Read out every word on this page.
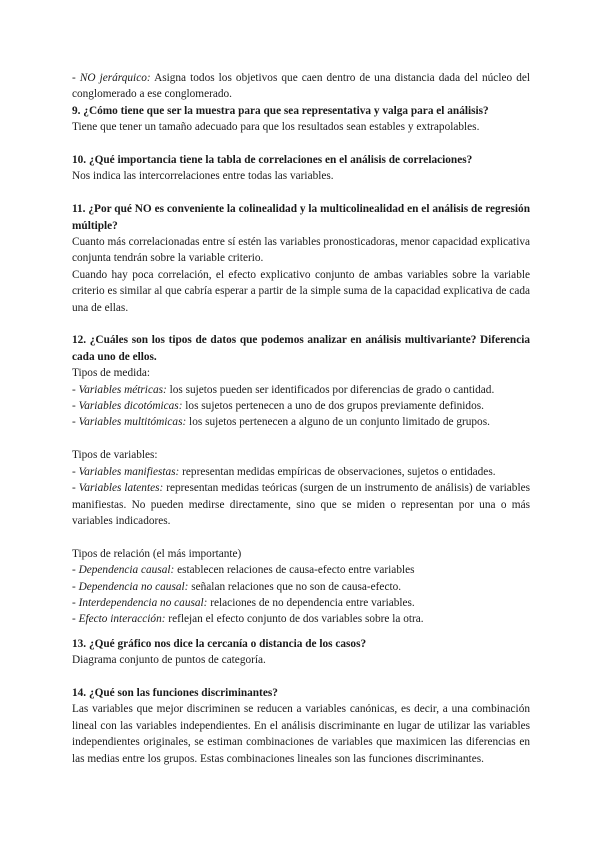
- NO jerárquico: Asigna todos los objetivos que caen dentro de una distancia dada del núcleo del conglomerado a ese conglomerado.

9. ¿Cómo tiene que ser la muestra para que sea representativa y valga para el análisis?

Tiene que tener un tamaño adecuado para que los resultados sean estables y extrapolables.

10. ¿Qué importancia tiene la tabla de correlaciones en el análisis de correlaciones?

Nos indica las intercorrelaciones entre todas las variables.

11. ¿Por qué NO es conveniente la colinealidad y la multicolinealidad en el análisis de regresión múltiple?

Cuanto más correlacionadas entre sí estén las variables pronosticadoras, menor capacidad explicativa conjunta tendrán sobre la variable criterio.

Cuando hay poca correlación, el efecto explicativo conjunto de ambas variables sobre la variable criterio es similar al que cabría esperar a partir de la simple suma de la capacidad explicativa de cada una de ellas.

12. ¿Cuáles son los tipos de datos que podemos analizar en análisis multivariante? Diferencia cada uno de ellos.

Tipos de medida:

- Variables métricas: los sujetos pueden ser identificados por diferencias de grado o cantidad.

- Variables dicotómicas: los sujetos pertenecen a uno de dos grupos previamente definidos.

- Variables multitómicas: los sujetos pertenecen a alguno de un conjunto limitado de grupos.

Tipos de variables:

- Variables manifiestas: representan medidas empíricas de observaciones, sujetos o entidades.

- Variables latentes: representan medidas teóricas (surgen de un instrumento de análisis) de variables manifiestas. No pueden medirse directamente, sino que se miden o representan por una o más variables indicadores.

Tipos de relación (el más importante)

- Dependencia causal: establecen relaciones de causa-efecto entre variables

- Dependencia no causal: señalan relaciones que no son de causa-efecto.

- Interdependencia no causal: relaciones de no dependencia entre variables.

- Efecto interacción: reflejan el efecto conjunto de dos variables sobre la otra.

13. ¿Qué gráfico nos dice la cercanía o distancia de los casos?

Diagrama conjunto de puntos de categoría.

14. ¿Qué son las funciones discriminantes?

Las variables que mejor discriminen se reducen a variables canónicas, es decir, a una combinación lineal con las variables independientes. En el análisis discriminante en lugar de utilizar las variables independientes originales, se estiman combinaciones de variables que maximicen las diferencias en las medias entre los grupos. Estas combinaciones lineales son las funciones discriminantes.
